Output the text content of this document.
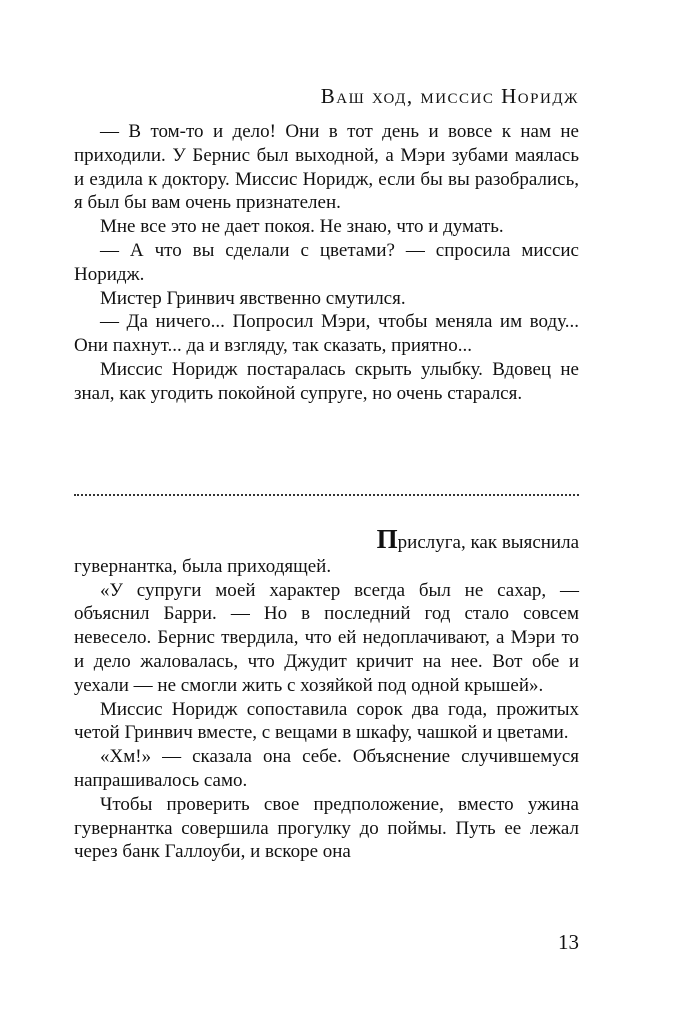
Ваш ход, миссис Норидж

— В том-то и дело! Они в тот день и вовсе к нам не приходили. У Бернис был выходной, а Мэри зубами маялась и ездила к доктору. Миссис Норидж, если бы вы разобрались, я был бы вам очень признателен.

Мне все это не дает покоя. Не знаю, что и думать.

— А что вы сделали с цветами? — спросила миссис Норидж.

Мистер Гринвич явственно смутился.

— Да ничего... Попросил Мэри, чтобы меняла им воду... Они пахнут... да и взгляду, так сказать, приятно...

Миссис Норидж постаралась скрыть улыбку. Вдовец не знал, как угодить покойной супруге, но очень старался.

Прислуга, как выяснила
гувернантка, была приходящей.

«У супруги моей характер всегда был не сахар, — объяснил Барри. — Но в последний год стало совсем невесело. Бернис твердила, что ей недоплачивают, а Мэри то и дело жаловалась, что Джудит кричит на нее. Вот обе и уехали — не смогли жить с хозяйкой под одной крышей».

Миссис Норидж сопоставила сорок два года, прожитых четой Гринвич вместе, с вещами в шкафу, чашкой и цветами.

«Хм!» — сказала она себе. Объяснение случившемуся напрашивалось само.

Чтобы проверить свое предположение, вместо ужина гувернантка совершила прогулку до поймы. Путь ее лежал через банк Галлоуби, и вскоре она

13
